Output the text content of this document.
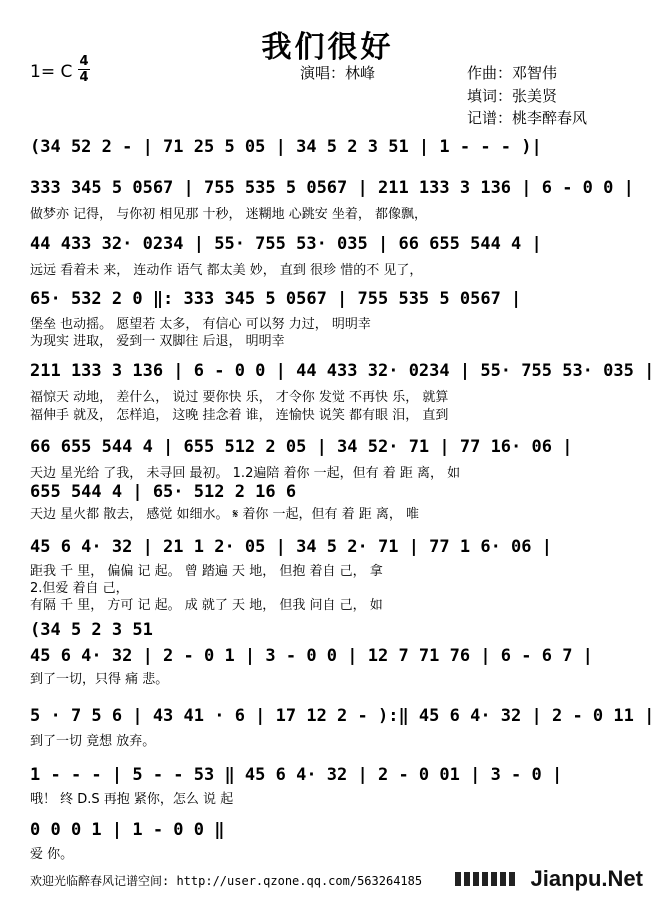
我们很好
1= C
4
4	演唱：林峰	作曲：邓智伟
填词：张美贤
记谱：桃李醉春风
(34 52 2 - | 71 25 5 05 | 34 5 2 3 51 | 1 - - - )|
333 345 5 0567 | 755 535 5 0567 | 211 133 3 136 | 6 - 0 0 |
做梦亦 记得， 与你初 相见那 十秒， 迷糊地 心跳安 坐着， 都像飘，
44 433 32· 0234 | 55· 755 53· 035 | 66 655 544 4 |
远远 看着未 来， 连动作 语气 都太美 妙， 直到 很珍 惜的不 见了，
65· 532 2 0 ‖: 333 345 5 0567 | 755 535 5 0567 |
堡垒 也动摇。 愿望若 太多， 有信心 可以努 力过， 明明幸
为现实 进取， 爱到一 双脚往 后退， 明明幸
211 133 3 136 | 6 - 0 0 | 44 433 32· 0234 | 55· 755 53· 035 |
福惊天 动地， 差什么， 说过 要你快 乐， 才令你 发觉 不再快 乐， 就算
福伸手 就及， 怎样追， 这晚 挂念着 谁， 连愉快 说笑 都有眼 泪， 直到
66 655 544 4 | 655 512 2 05 | 34 52· 71 | 77 16· 06 |
天边 星光给 了我， 未寻回 最初。 1.2遍陪 着你 一起，但有 着 距 离， 如
655 544 4 | 65· 512 2 16 6
天边 星火都 散去， 感觉 如细水。 𝄋 着你 一起，但有 着 距 离， 唯
45 6 4· 32 | 21 1 2· 05 | 34 5 2· 71 | 77 1 6· 06 |
距我 千 里， 偏偏 记 起。 曾 踏遍 天 地， 但抱 着自 己， 拿
2.但爱 着自 己，
有隔 千 里， 方可 记 起。 成 就了 天 地， 但我 问自 己， 如
(34 5 2 3 51
45 6 4· 32 | 2 - 0 1 | 3 - 0 0 | 12 7 71 76 | 6 - 6 7 |
到了一切，只得 痛 悲。
5 · 7 5 6 | 43 41 · 6 | 17 12 2 - ):‖ 45 6 4· 32 | 2 - 0 11 |
到了一切 竟想 放弃。
1 - - - | 5 - - 53 ‖ 45 6 4· 32 | 2 - 0 01 | 3 - 0 |
哦！ 终 D.S 再抱 紧你，怎么 说 起
0 0 0 1 | 1 - 0 0 ‖
爱 你。
欢迎光临醉春风记谱空间: http://user.qzone.qq.com/563264185	Jianpu.Net
